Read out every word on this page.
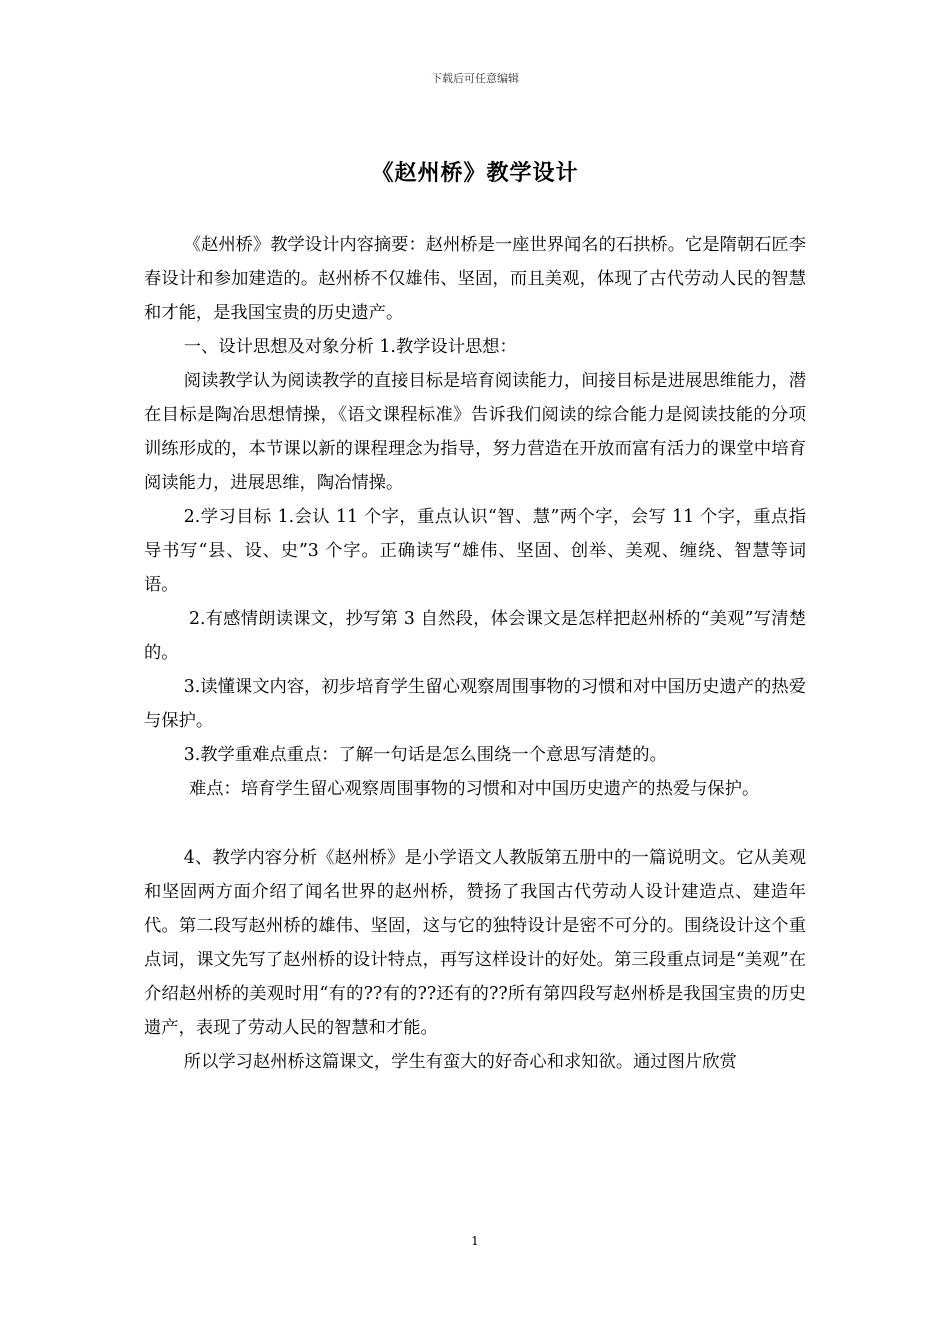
下载后可任意编辑
《赵州桥》教学设计

《赵州桥》教学设计内容摘要：赵州桥是一座世界闻名的石拱桥。它是隋朝石匠李春设计和参加建造的。赵州桥不仅雄伟、坚固，而且美观，体现了古代劳动人民的智慧和才能，是我国宝贵的历史遗产。

一、设计思想及对象分析 1.教学设计思想：

阅读教学认为阅读教学的直接目标是培育阅读能力，间接目标是进展思维能力，潜在目标是陶冶思想情操，《语文课程标准》告诉我们阅读的综合能力是阅读技能的分项训练形成的，本节课以新的课程理念为指导，努力营造在开放而富有活力的课堂中培育阅读能力，进展思维，陶冶情操。

2.学习目标 1.会认 11 个字，重点认识“智、慧”两个字，会写 11 个字，重点指导书写“县、设、史”3 个字。正确读写“雄伟、坚固、创举、美观、缠绕、智慧等词语。

2.有感情朗读课文，抄写第 3 自然段，体会课文是怎样把赵州桥的“美观”写清楚的。

3.读懂课文内容，初步培育学生留心观察周围事物的习惯和对中国历史遗产的热爱与保护。

3.教学重难点重点：了解一句话是怎么围绕一个意思写清楚的。

难点：培育学生留心观察周围事物的习惯和对中国历史遗产的热爱与保护。

4、教学内容分析《赵州桥》是小学语文人教版第五册中的一篇说明文。它从美观和坚固两方面介绍了闻名世界的赵州桥，赞扬了我国古代劳动人设计建造点、建造年代。第二段写赵州桥的雄伟、坚固，这与它的独特设计是密不可分的。围绕设计这个重点词，课文先写了赵州桥的设计特点，再写这样设计的好处。第三段重点词是“美观”在介绍赵州桥的美观时用“有的??有的??还有的??所有第四段写赵州桥是我国宝贵的历史遗产，表现了劳动人民的智慧和才能。

所以学习赵州桥这篇课文，学生有蛮大的好奇心和求知欲。通过图片欣赏

1
